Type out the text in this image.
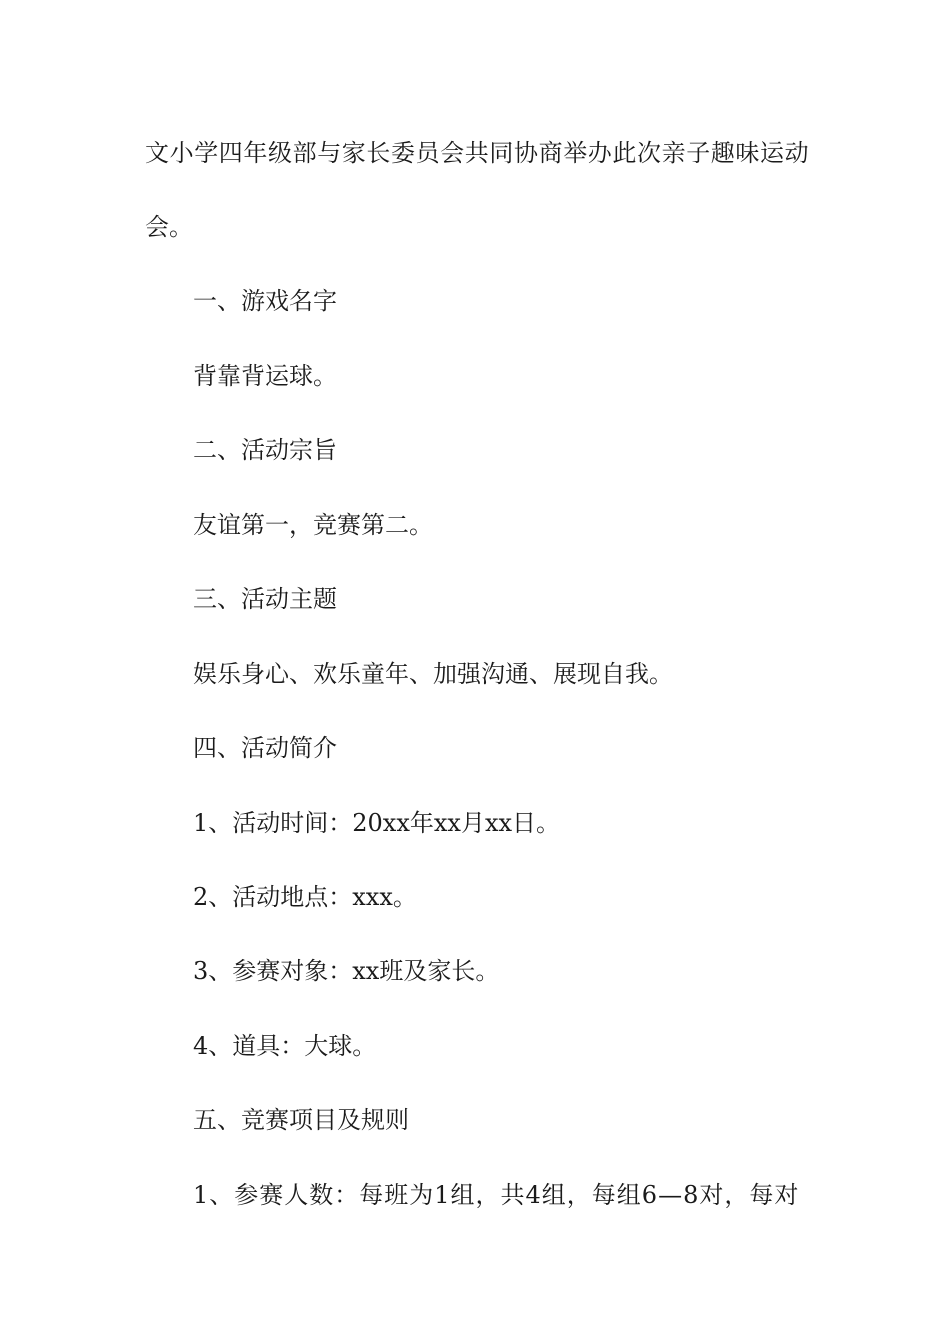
文小学四年级部与家长委员会共同协商举办此次亲子趣味运动
会。
一、游戏名字
背靠背运球。
二、活动宗旨
友谊第一，竞赛第二。
三、活动主题
娱乐身心、欢乐童年、加强沟通、展现自我。
四、活动简介
1、活动时间：20xx年xx月xx日。
2、活动地点：xxx。
3、参赛对象：xx班及家长。
4、道具：大球。
五、竞赛项目及规则
1、参赛人数：每班为1组，共4组，每组6—8对，每对
